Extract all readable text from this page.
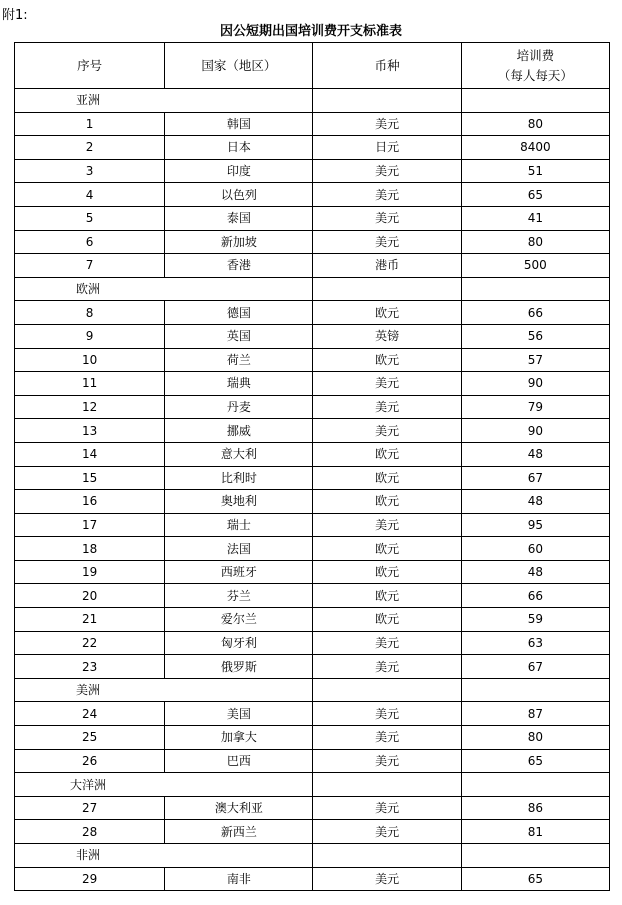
附1:
因公短期出国培训费开支标准表
序号	国家（地区）	币种	培训费
（每人每天）

亚洲			
1	韩国	美元	80
2	日本	日元	8400
3	印度	美元	51
4	以色列	美元	65
5	泰国	美元	41
6	新加坡	美元	80
7	香港	港币	500
欧洲			
8	德国	欧元	66
9	英国	英镑	56
10	荷兰	欧元	57
11	瑞典	美元	90
12	丹麦	美元	79
13	挪威	美元	90
14	意大利	欧元	48
15	比利时	欧元	67
16	奥地利	欧元	48
17	瑞士	美元	95
18	法国	欧元	60
19	西班牙	欧元	48
20	芬兰	欧元	66
21	爱尔兰	欧元	59
22	匈牙利	美元	63
23	俄罗斯	美元	67
美洲			
24	美国	美元	87
25	加拿大	美元	80
26	巴西	美元	65
大洋洲			
27	澳大利亚	美元	86
28	新西兰	美元	81
非洲			
29	南非	美元	65
